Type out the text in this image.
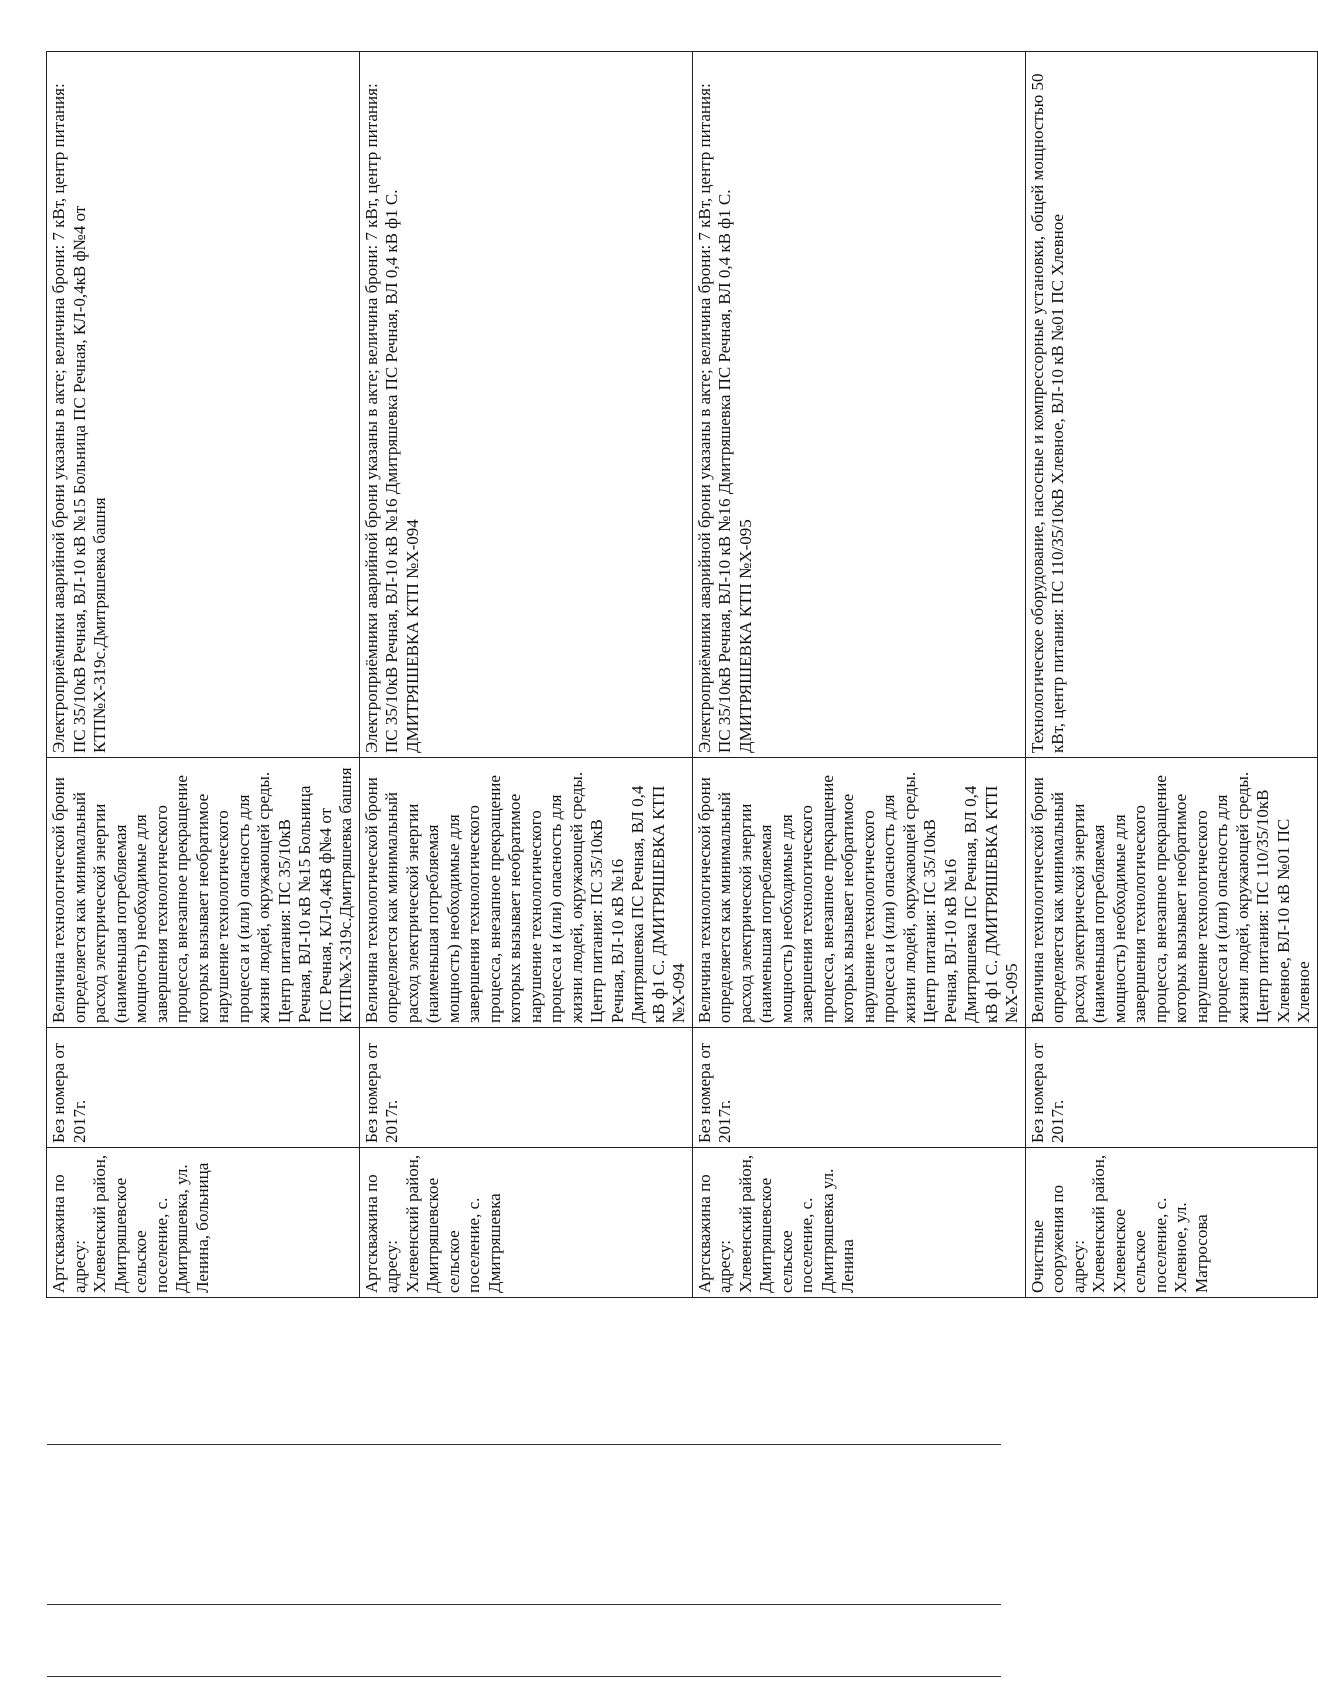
Артскважина по адресу: Хлевенский район, Дмитряшевское сельское поселение, с. Дмитряшевка, ул. Ленина, больница	Без номера от 2017г.	Величина технологической брони определяется как минимальный расход электрической энергии (наименьшая потребляемая мощность) необходимые для завершения технологического процесса, внезапное прекращение которых вызывает необратимое нарушение технологического процесса и (или) опасность для жизни людей, окружающей среды. Центр питания: ПС 35/10кВ Речная, ВЛ-10 кВ №15 Больница ПС Речная, КЛ-0,4кВ ф№4 от КТП№Х-319с.Дмитряшевка башня	Электроприёмники аварийной брони указаны в акте; величина брони: 7 кВт, центр питания: ПС 35/10кВ Речная, ВЛ-10 кВ №15 Больница ПС Речная, КЛ-0,4кВ ф№4 от КТП№Х-319с.Дмитряшевка башня
Артскважина по адресу: Хлевенский район, Дмитряшевское сельское поселение, с. Дмитряшевка	Без номера от 2017г.	Величина технологической брони определяется как минимальный расход электрической энергии (наименьшая потребляемая мощность) необходимые для завершения технологического процесса, внезапное прекращение которых вызывает необратимое нарушение технологического процесса и (или) опасность для жизни людей, окружающей среды. Центр питания: ПС 35/10кВ Речная, ВЛ-10 кВ №16 Дмитряшевка ПС Речная, ВЛ 0,4 кВ ф1 С. ДМИТРЯШЕВКА КТП №Х-094	Электроприёмники аварийной брони указаны в акте; величина брони: 7 кВт, центр питания: ПС 35/10кВ Речная, ВЛ-10 кВ №16 Дмитряшевка ПС Речная, ВЛ 0,4 кВ ф1 С. ДМИТРЯШЕВКА КТП №Х-094
Артскважина по адресу: Хлевенский район, Дмитряшевское сельское поселение, с. Дмитряшевка ул. Ленина	Без номера от 2017г.	Величина технологической брони определяется как минимальный расход электрической энергии (наименьшая потребляемая мощность) необходимые для завершения технологического процесса, внезапное прекращение которых вызывает необратимое нарушение технологического процесса и (или) опасность для жизни людей, окружающей среды. Центр питания: ПС 35/10кВ Речная, ВЛ-10 кВ №16 Дмитряшевка ПС Речная, ВЛ 0,4 кВ ф1 С. ДМИТРЯШЕВКА КТП №Х-095	Электроприёмники аварийной брони указаны в акте; величина брони: 7 кВт, центр питания: ПС 35/10кВ Речная, ВЛ-10 кВ №16 Дмитряшевка ПС Речная, ВЛ 0,4 кВ ф1 С. ДМИТРЯШЕВКА КТП №Х-095
Очистные сооружения по адресу: Хлевенский район, Хлевенское сельское поселение, с. Хлевное, ул. Матросова	Без номера от 2017г.	Величина технологической брони определяется как минимальный расход электрической энергии (наименьшая потребляемая мощность) необходимые для завершения технологического процесса, внезапное прекращение которых вызывает необратимое нарушение технологического процесса и (или) опасность для жизни людей, окружающей среды. Центр питания: ПС 110/35/10кВ Хлевное, ВЛ-10 кВ №01 ПС Хлевное	Технологическое оборудование, насосные и компрессорные установки, общей мощностью 50 кВт, центр питания: ПС 110/35/10кВ Хлевное, ВЛ-10 кВ №01 ПС Хлевное
